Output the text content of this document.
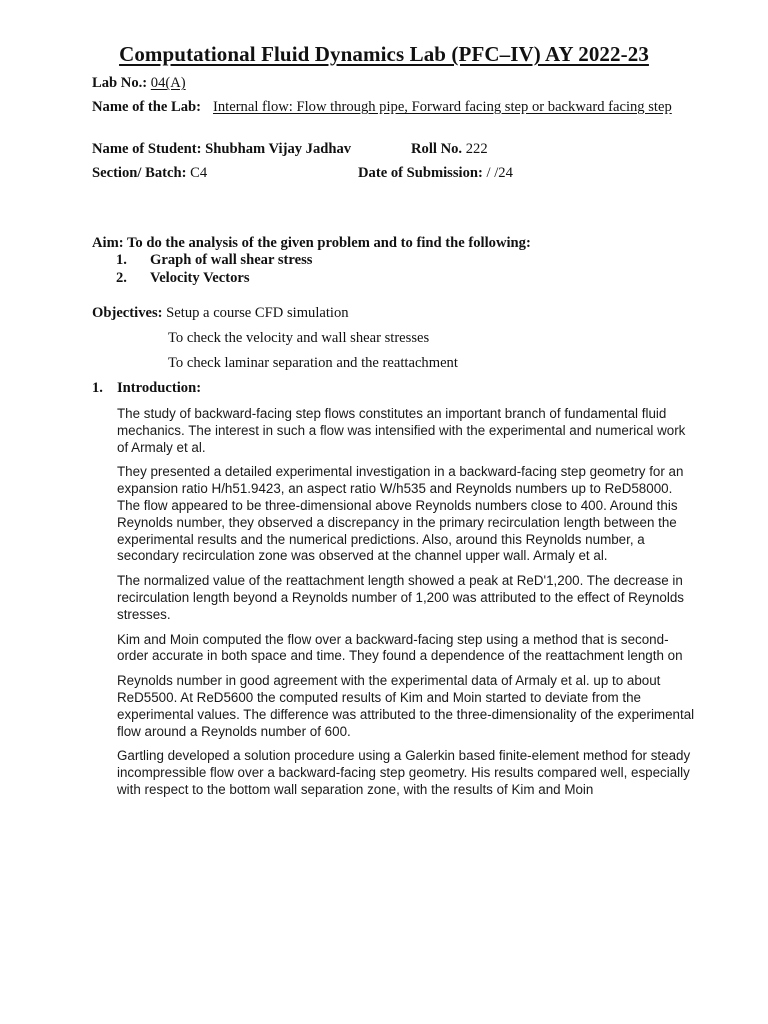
Computational Fluid Dynamics Lab (PFC–IV) AY 2022-23
Lab No.: 04(A)
Name of the Lab: Internal flow: Flow through pipe, Forward facing step or backward facing step
Name of Student: Shubham Vijay Jadhav	Roll No. 222
Section/ Batch: C4	Date of Submission: / /24
Aim: To do the analysis of the given problem and to find the following:
1. Graph of wall shear stress
2. Velocity Vectors
Objectives: Setup a course CFD simulation
To check the velocity and wall shear stresses
To check laminar separation and the reattachment
1. Introduction:

The study of backward-facing step flows constitutes an important branch of fundamental fluid mechanics. The interest in such a flow was intensified with the experimental and numerical work of Armaly et al.

They presented a detailed experimental investigation in a backward-facing step geometry for an expansion ratio H/h51.9423, an aspect ratio W/h535 and Reynolds numbers up to ReD58000. The flow appeared to be three-dimensional above Reynolds numbers close to 400. Around this Reynolds number, they observed a discrepancy in the primary recirculation length between the experimental results and the numerical predictions. Also, around this Reynolds number, a secondary recirculation zone was observed at the channel upper wall. Armaly et al.

The normalized value of the reattachment length showed a peak at ReD'1,200. The decrease in recirculation length beyond a Reynolds number of 1,200 was attributed to the effect of Reynolds stresses.

Kim and Moin computed the flow over a backward-facing step using a method that is second-order accurate in both space and time. They found a dependence of the reattachment length on

Reynolds number in good agreement with the experimental data of Armaly et al. up to about ReD5500. At ReD5600 the computed results of Kim and Moin started to deviate from the experimental values. The difference was attributed to the three-dimensionality of the experimental flow around a Reynolds number of 600.

Gartling developed a solution procedure using a Galerkin based finite-element method for steady incompressible flow over a backward-facing step geometry. His results compared well, especially with respect to the bottom wall separation zone, with the results of Kim and Moin
